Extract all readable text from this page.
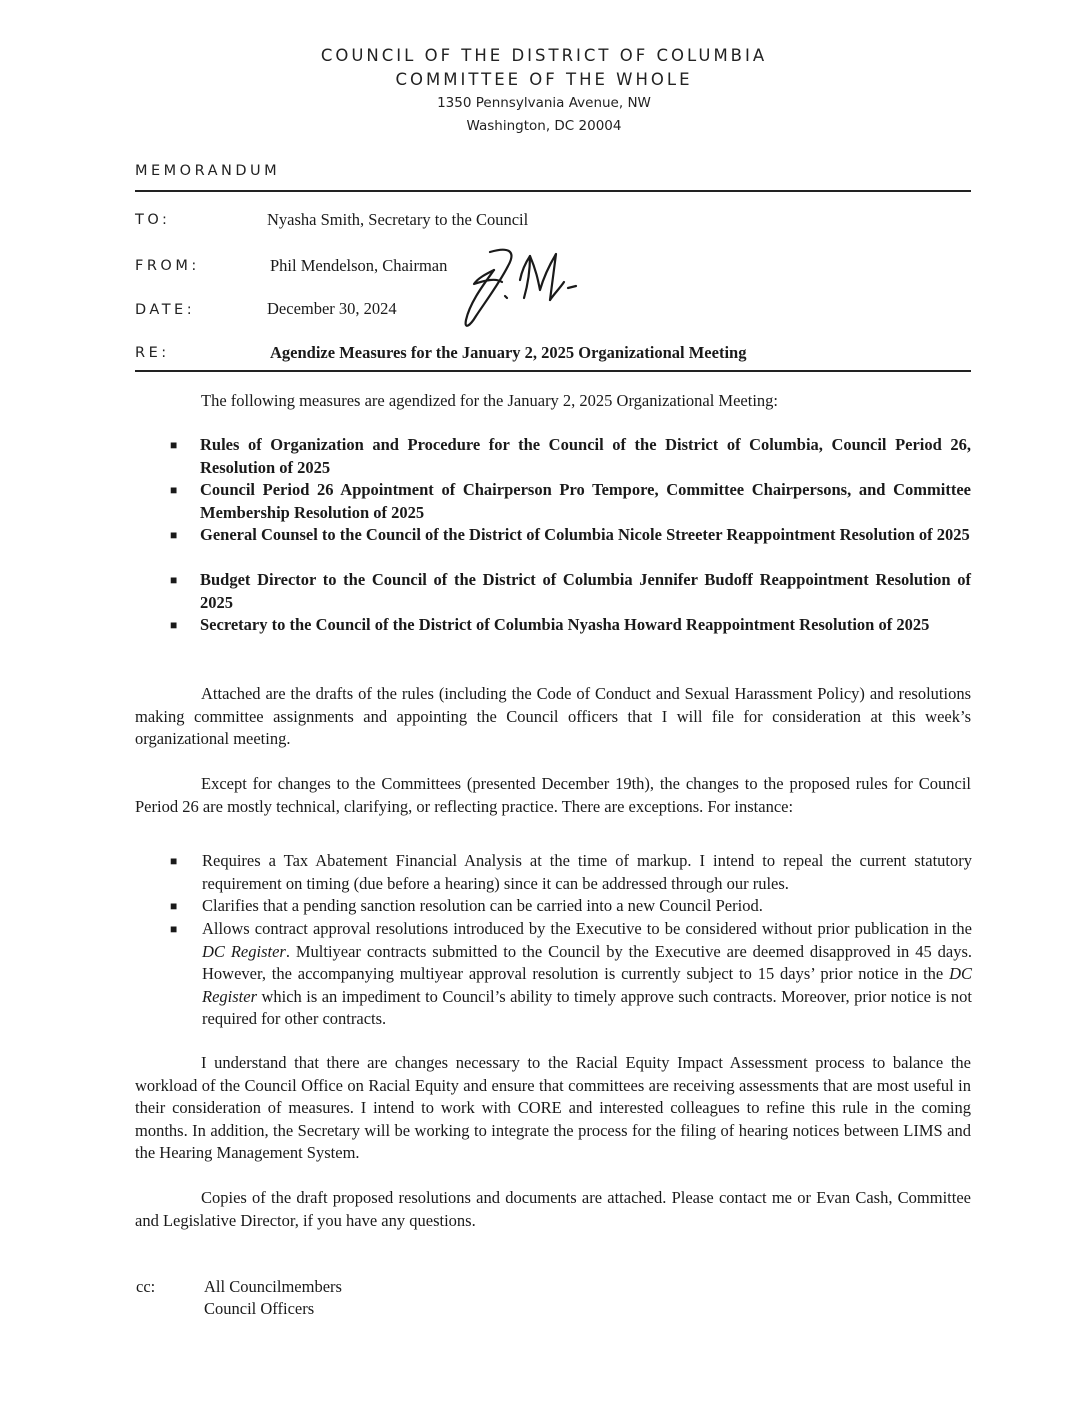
COUNCIL OF THE DISTRICT OF COLUMBIA
COMMITTEE OF THE WHOLE
1350 Pennsylvania Avenue, NW
Washington, DC 20004
MEMORANDUM
TO:	Nyasha Smith, Secretary to the Council
FROM:	Phil Mendelson, Chairman
DATE:	December 30, 2024
RE:	Agendize Measures for the January 2, 2025 Organizational Meeting

The following measures are agendized for the January 2, 2025 Organizational Meeting:

■ Rules of Organization and Procedure for the Council of the District of Columbia, Council Period 26, Resolution of 2025
■ Council Period 26 Appointment of Chairperson Pro Tempore, Committee Chairpersons, and Committee Membership Resolution of 2025
■ General Counsel to the Council of the District of Columbia Nicole Streeter Reappointment Resolution of 2025
■ Budget Director to the Council of the District of Columbia Jennifer Budoff Reappointment Resolution of 2025
■ Secretary to the Council of the District of Columbia Nyasha Howard Reappointment Resolution of 2025

Attached are the drafts of the rules (including the Code of Conduct and Sexual Harassment Policy) and resolutions making committee assignments and appointing the Council officers that I will file for consideration at this week’s organizational meeting.

Except for changes to the Committees (presented December 19th), the changes to the proposed rules for Council Period 26 are mostly technical, clarifying, or reflecting practice. There are exceptions. For instance:

■ Requires a Tax Abatement Financial Analysis at the time of markup. I intend to repeal the current statutory requirement on timing (due before a hearing) since it can be addressed through our rules.
■ Clarifies that a pending sanction resolution can be carried into a new Council Period.
■ Allows contract approval resolutions introduced by the Executive to be considered without prior publication in the DC Register. Multiyear contracts submitted to the Council by the Executive are deemed disapproved in 45 days. However, the accompanying multiyear approval resolution is currently subject to 15 days’ prior notice in the DC Register which is an impediment to Council’s ability to timely approve such contracts. Moreover, prior notice is not required for other contracts.

I understand that there are changes necessary to the Racial Equity Impact Assessment process to balance the workload of the Council Office on Racial Equity and ensure that committees are receiving assessments that are most useful in their consideration of measures. I intend to work with CORE and interested colleagues to refine this rule in the coming months. In addition, the Secretary will be working to integrate the process for the filing of hearing notices between LIMS and the Hearing Management System.

Copies of the draft proposed resolutions and documents are attached. Please contact me or Evan Cash, Committee and Legislative Director, if you have any questions.

cc:	All Councilmembers
Council Officers
